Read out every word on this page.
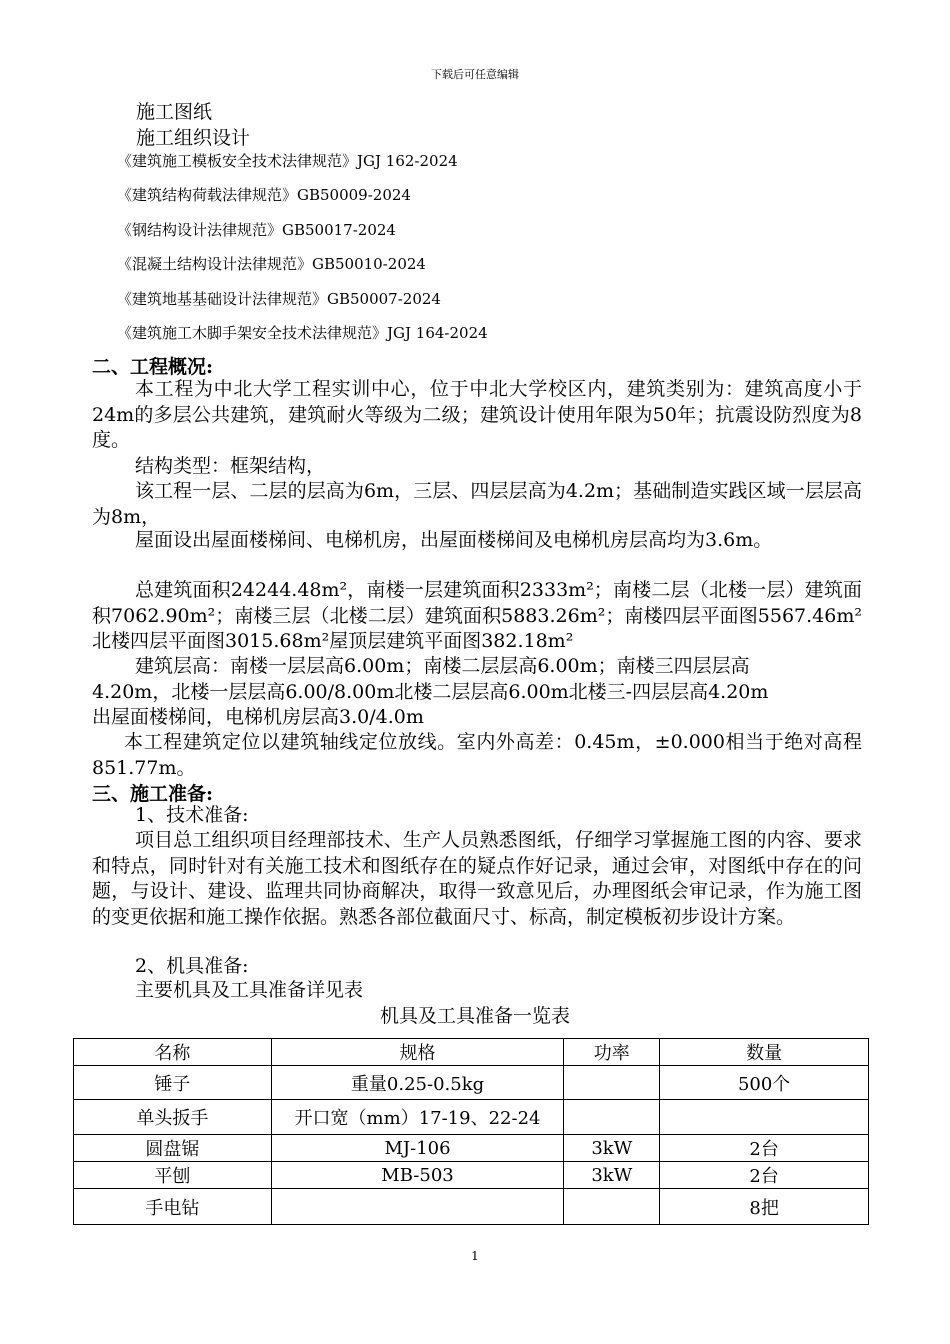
下载后可任意编辑
施工图纸
施工组织设计
《建筑施工模板安全技术法律规范》JGJ 162-2024
《建筑结构荷载法律规范》GB50009-2024
《钢结构设计法律规范》GB50017-2024
《混凝土结构设计法律规范》GB50010-2024
《建筑地基基础设计法律规范》GB50007-2024
《建筑施工木脚手架安全技术法律规范》JGJ 164-2024
二、工程概况:
本工程为中北大学工程实训中心，位于中北大学校区内，建筑类别为：建筑高度小于24m的多层公共建筑，建筑耐火等级为二级；建筑设计使用年限为50年；抗震设防烈度为8度。
结构类型：框架结构，
该工程一层、二层的层高为6m，三层、四层层高为4.2m；基础制造实践区域一层层高为8m，
屋面设出屋面楼梯间、电梯机房，出屋面楼梯间及电梯机房层高均为3.6m。
总建筑面积24244.48m²，南楼一层建筑面积2333m²；南楼二层（北楼一层）建筑面积7062.90m²；南楼三层（北楼二层）建筑面积5883.26m²；南楼四层平面图5567.46m²北楼四层平面图3015.68m²屋顶层建筑平面图382.18m²
建筑层高：南楼一层层高6.00m；南楼二层层高6.00m；南楼三四层层高
4.20m，北楼一层层高6.00/8.00m北楼二层层高6.00m北楼三-四层层高4.20m
出屋面楼梯间，电梯机房层高3.0/4.0m
本工程建筑定位以建筑轴线定位放线。室内外高差：0.45m，±0.000相当于绝对高程851.77m。
三、施工准备:
1、技术准备:
项目总工组织项目经理部技术、生产人员熟悉图纸，仔细学习掌握施工图的内容、要求和特点，同时针对有关施工技术和图纸存在的疑点作好记录，通过会审，对图纸中存在的问题，与设计、建设、监理共同协商解决，取得一致意见后，办理图纸会审记录，作为施工图的变更依据和施工操作依据。熟悉各部位截面尺寸、标高，制定模板初步设计方案。
2、机具准备:
主要机具及工具准备详见表
机具及工具准备一览表
名称	规格	功率	数量
锤子	重量0.25-0.5kg		500个
单头扳手	开口宽（mm）17-19、22-24		
圆盘锯	MJ-106	3kW	2台
平刨	MB-503	3kW	2台
手电钻			8把
1
